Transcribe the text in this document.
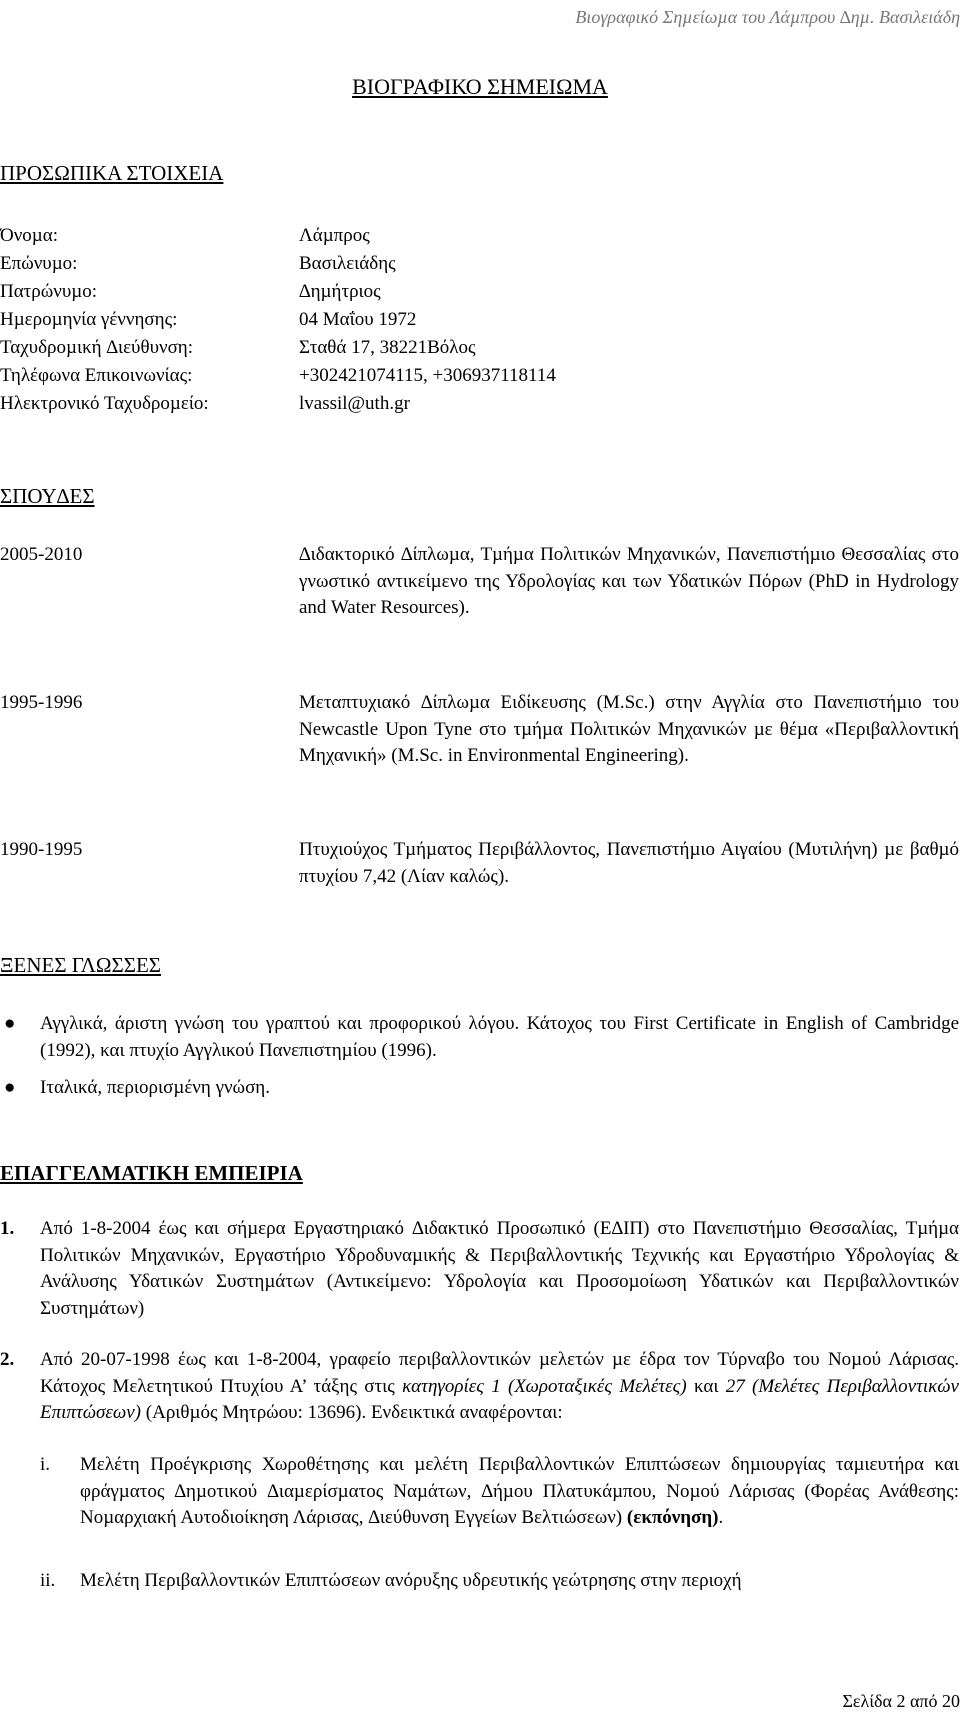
Βιογραφικό Σηµείωµα του Λάµπρου ∆ηµ. Βασιλειάδη
ΒΙΟΓΡΑΦΙΚΟ ΣΗΜΕΙΩΜΑ
ΠΡΟΣΩΠΙΚΑ ΣΤΟΙΧΕΙΑ
Όνοµα:	Λάµπρος
Επώνυµο:	Βασιλειάδης
Πατρώνυµο:	∆ηµήτριος
Ηµεροµηνία γέννησης:	04 Μαΐου 1972
Ταχυδροµική ∆ιεύθυνση:	Σταθά 17, 38221Βόλος
Τηλέφωνα Επικοινωνίας:	+302421074115, +306937118114
Ηλεκτρονικό Ταχυδροµείο:	lvassil@uth.gr
ΣΠΟΥ∆ΕΣ
2005-2010	∆ιδακτορικό ∆ίπλωµα, Τµήµα Πολιτικών Μηχανικών, Πανεπιστήµιο Θεσσαλίας στο γνωστικό αντικείµενο της Υδρολογίας και των Υδατικών Πόρων (PhD in Hydrology and Water Resources).
1995-1996	Μεταπτυχιακό ∆ίπλωµα Ειδίκευσης (M.Sc.) στην Αγγλία στο Πανεπιστήµιο του Newcastle Upon Tyne στο τµήµα Πολιτικών Μηχανικών µε θέµα «Περιβαλλοντική Μηχανική» (M.Sc. in Environmental Engineering).
1990-1995	Πτυχιούχος Τµήµατος Περιβάλλοντος, Πανεπιστήµιο Αιγαίου (Μυτιλήνη) µε βαθµό πτυχίου 7,42 (Λίαν καλώς).
ΞΕΝΕΣ ΓΛΩΣΣΕΣ
● Αγγλικά, άριστη γνώση του γραπτού και προφορικού λόγου. Κάτοχος του First Certificate in English of Cambridge (1992), και πτυχίο Αγγλικού Πανεπιστηµίου (1996).
● Ιταλικά, περιορισµένη γνώση.
ΕΠΑΓΓΕΛΜΑΤΙΚΗ ΕΜΠΕΙΡΙΑ
1. Από 1-8-2004 έως και σήµερα Εργαστηριακό ∆ιδακτικό Προσωπικό (Ε∆ΙΠ) στο Πανεπιστήµιο Θεσσαλίας, Τµήµα Πολιτικών Μηχανικών, Εργαστήριο Υδροδυναµικής & Περιβαλλοντικής Τεχνικής και Εργαστήριο Υδρολογίας & Ανάλυσης Υδατικών Συστηµάτων (Αντικείµενο: Υδρολογία και Προσοµοίωση Υδατικών και Περιβαλλοντικών Συστηµάτων)
2. Από 20-07-1998 έως και 1-8-2004, γραφείο περιβαλλοντικών µελετών µε έδρα τον Τύρναβο του Νοµού Λάρισας. Κάτοχος Μελετητικού Πτυχίου Α’ τάξης στις κατηγορίες 1 (Χωροταξικές Μελέτες) και 27 (Μελέτες Περιβαλλοντικών Επιπτώσεων) (Αριθµός Μητρώου: 13696). Ενδεικτικά αναφέρονται:
i. Μελέτη Προέγκρισης Χωροθέτησης και µελέτη Περιβαλλοντικών Επιπτώσεων δηµιουργίας ταµιευτήρα και φράγµατος ∆ηµοτικού ∆ιαµερίσµατος Ναµάτων, ∆ήµου Πλατυκάµπου, Νοµού Λάρισας (Φορέας Ανάθεσης: Νοµαρχιακή Αυτοδιοίκηση Λάρισας, ∆ιεύθυνση Εγγείων Βελτιώσεων) (εκπόνηση).
ii. Μελέτη Περιβαλλοντικών Επιπτώσεων ανόρυξης υδρευτικής γεώτρησης στην περιοχή
Σελίδα 2 από 20
